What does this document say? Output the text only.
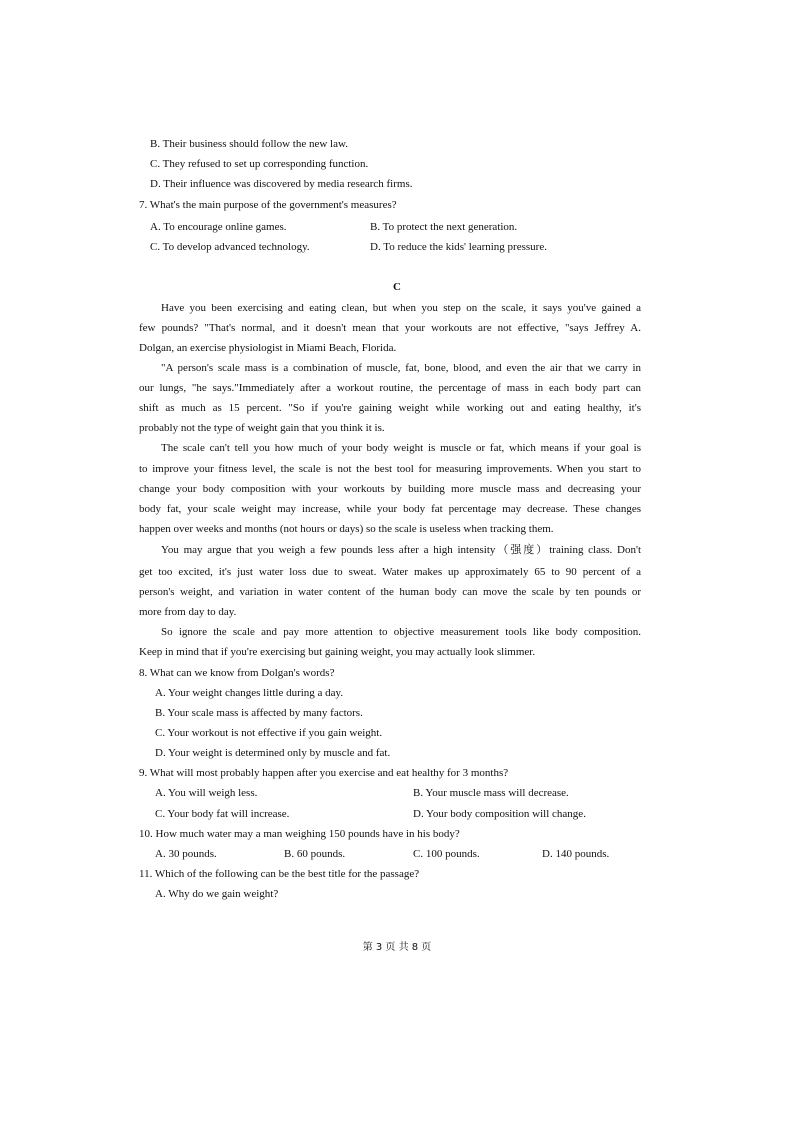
B. Their business should follow the new law.
C. They refused to set up corresponding function.
D. Their influence was discovered by media research firms.
7. What's the main purpose of the government's measures?
A. To encourage online games.	B. To protect the next generation.
C. To develop advanced technology.	D. To reduce the kids' learning pressure.
C
Have you been exercising and eating clean, but when you step on the scale, it says you've gained a
few pounds? "That's normal, and it doesn't mean that your workouts are not effective, "says Jeffrey A.
Dolgan, an exercise physiologist in Miami Beach, Florida.
"A person's scale mass is a combination of muscle, fat, bone, blood, and even the air that we carry in
our lungs, "he says."Immediately after a workout routine, the percentage of mass in each body part can
shift as much as 15 percent. "So if you're gaining weight while working out and eating healthy, it's
probably not the type of weight gain that you think it is.
The scale can't tell you how much of your body weight is muscle or fat, which means if your goal is
to improve your fitness level, the scale is not the best tool for measuring improvements. When you start to
change your body composition with your workouts by building more muscle mass and decreasing your
body fat, your scale weight may increase, while your body fat percentage may decrease. These changes
happen over weeks and months (not hours or days) so the scale is useless when tracking them.
You may argue that you weigh a few pounds less after a high intensity（强度）training class. Don't
get too excited, it's just water loss due to sweat. Water makes up approximately 65 to 90 percent of a
person's weight, and variation in water content of the human body can move the scale by ten pounds or
more from day to day.
So ignore the scale and pay more attention to objective measurement tools like body composition.
Keep in mind that if you're exercising but gaining weight, you may actually look slimmer.
8. What can we know from Dolgan's words?
A. Your weight changes little during a day.
B. Your scale mass is affected by many factors.
C. Your workout is not effective if you gain weight.
D. Your weight is determined only by muscle and fat.
9. What will most probably happen after you exercise and eat healthy for 3 months?
A. You will weigh less.	B. Your muscle mass will decrease.
C. Your body fat will increase.	D. Your body composition will change.
10. How much water may a man weighing 150 pounds have in his body?
A. 30 pounds.	B. 60 pounds.	C. 100 pounds.	D. 140 pounds.
11. Which of the following can be the best title for the passage?
A. Why do we gain weight?
第 3 页 共 8 页
